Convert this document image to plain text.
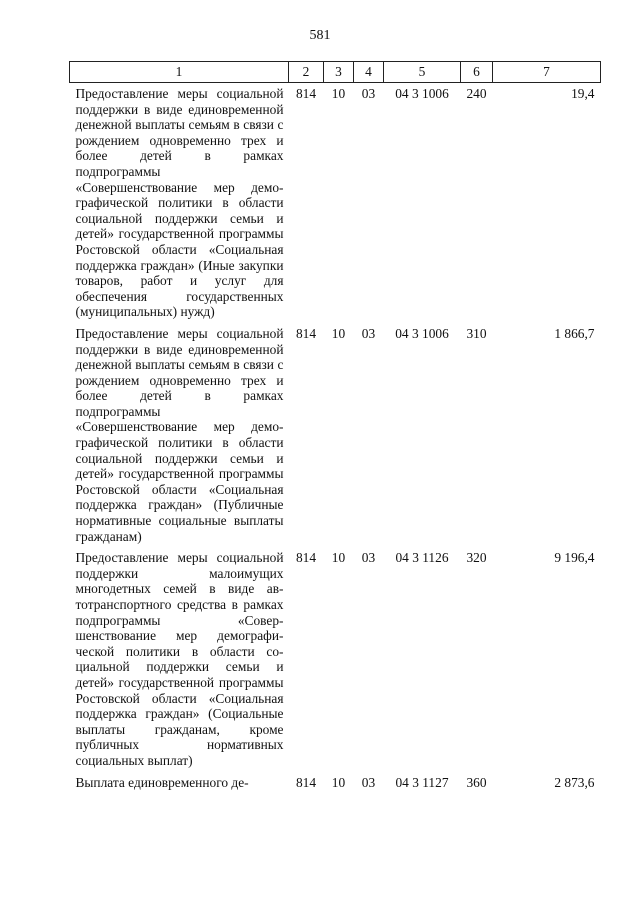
581
1	2	3	4	5	6	7
Предоставление меры социальной поддержки в виде единовременной денежной выплаты семьям в связи с рождением одновременно трех и более детей в рамках подпрограммы «Совершенствование мер демографической политики в области социальной поддержки семьи и детей» государственной программы Ростовской области «Социальная поддержка граждан» (Иные закупки товаров, работ и услуг для обеспечения государственных (муниципальных) нужд)	814	10	03	04 3 1006	240	19,4
Предоставление меры социальной поддержки в виде единовременной денежной выплаты семьям в связи с рождением одновременно трех и более детей в рамках подпрограммы «Совершенствование мер демографической политики в области социальной поддержки семьи и детей» государственной программы Ростовской области «Социальная поддержка граждан» (Публичные нормативные социальные выплаты гражданам)	814	10	03	04 3 1006	310	1 866,7
Предоставление меры социальной поддержки малоимущих многодетных семей в виде автотранспортного средства в рамках подпрограммы «Совершенствование мер демографической политики в области социальной поддержки семьи и детей» государственной программы Ростовской области «Социальная поддержка граждан» (Социальные выплаты гражданам, кроме публичных нормативных социальных выплат)	814	10	03	04 3 1126	320	9 196,4
Выплата единовременного де-	814	10	03	04 3 1127	360	2 873,6
